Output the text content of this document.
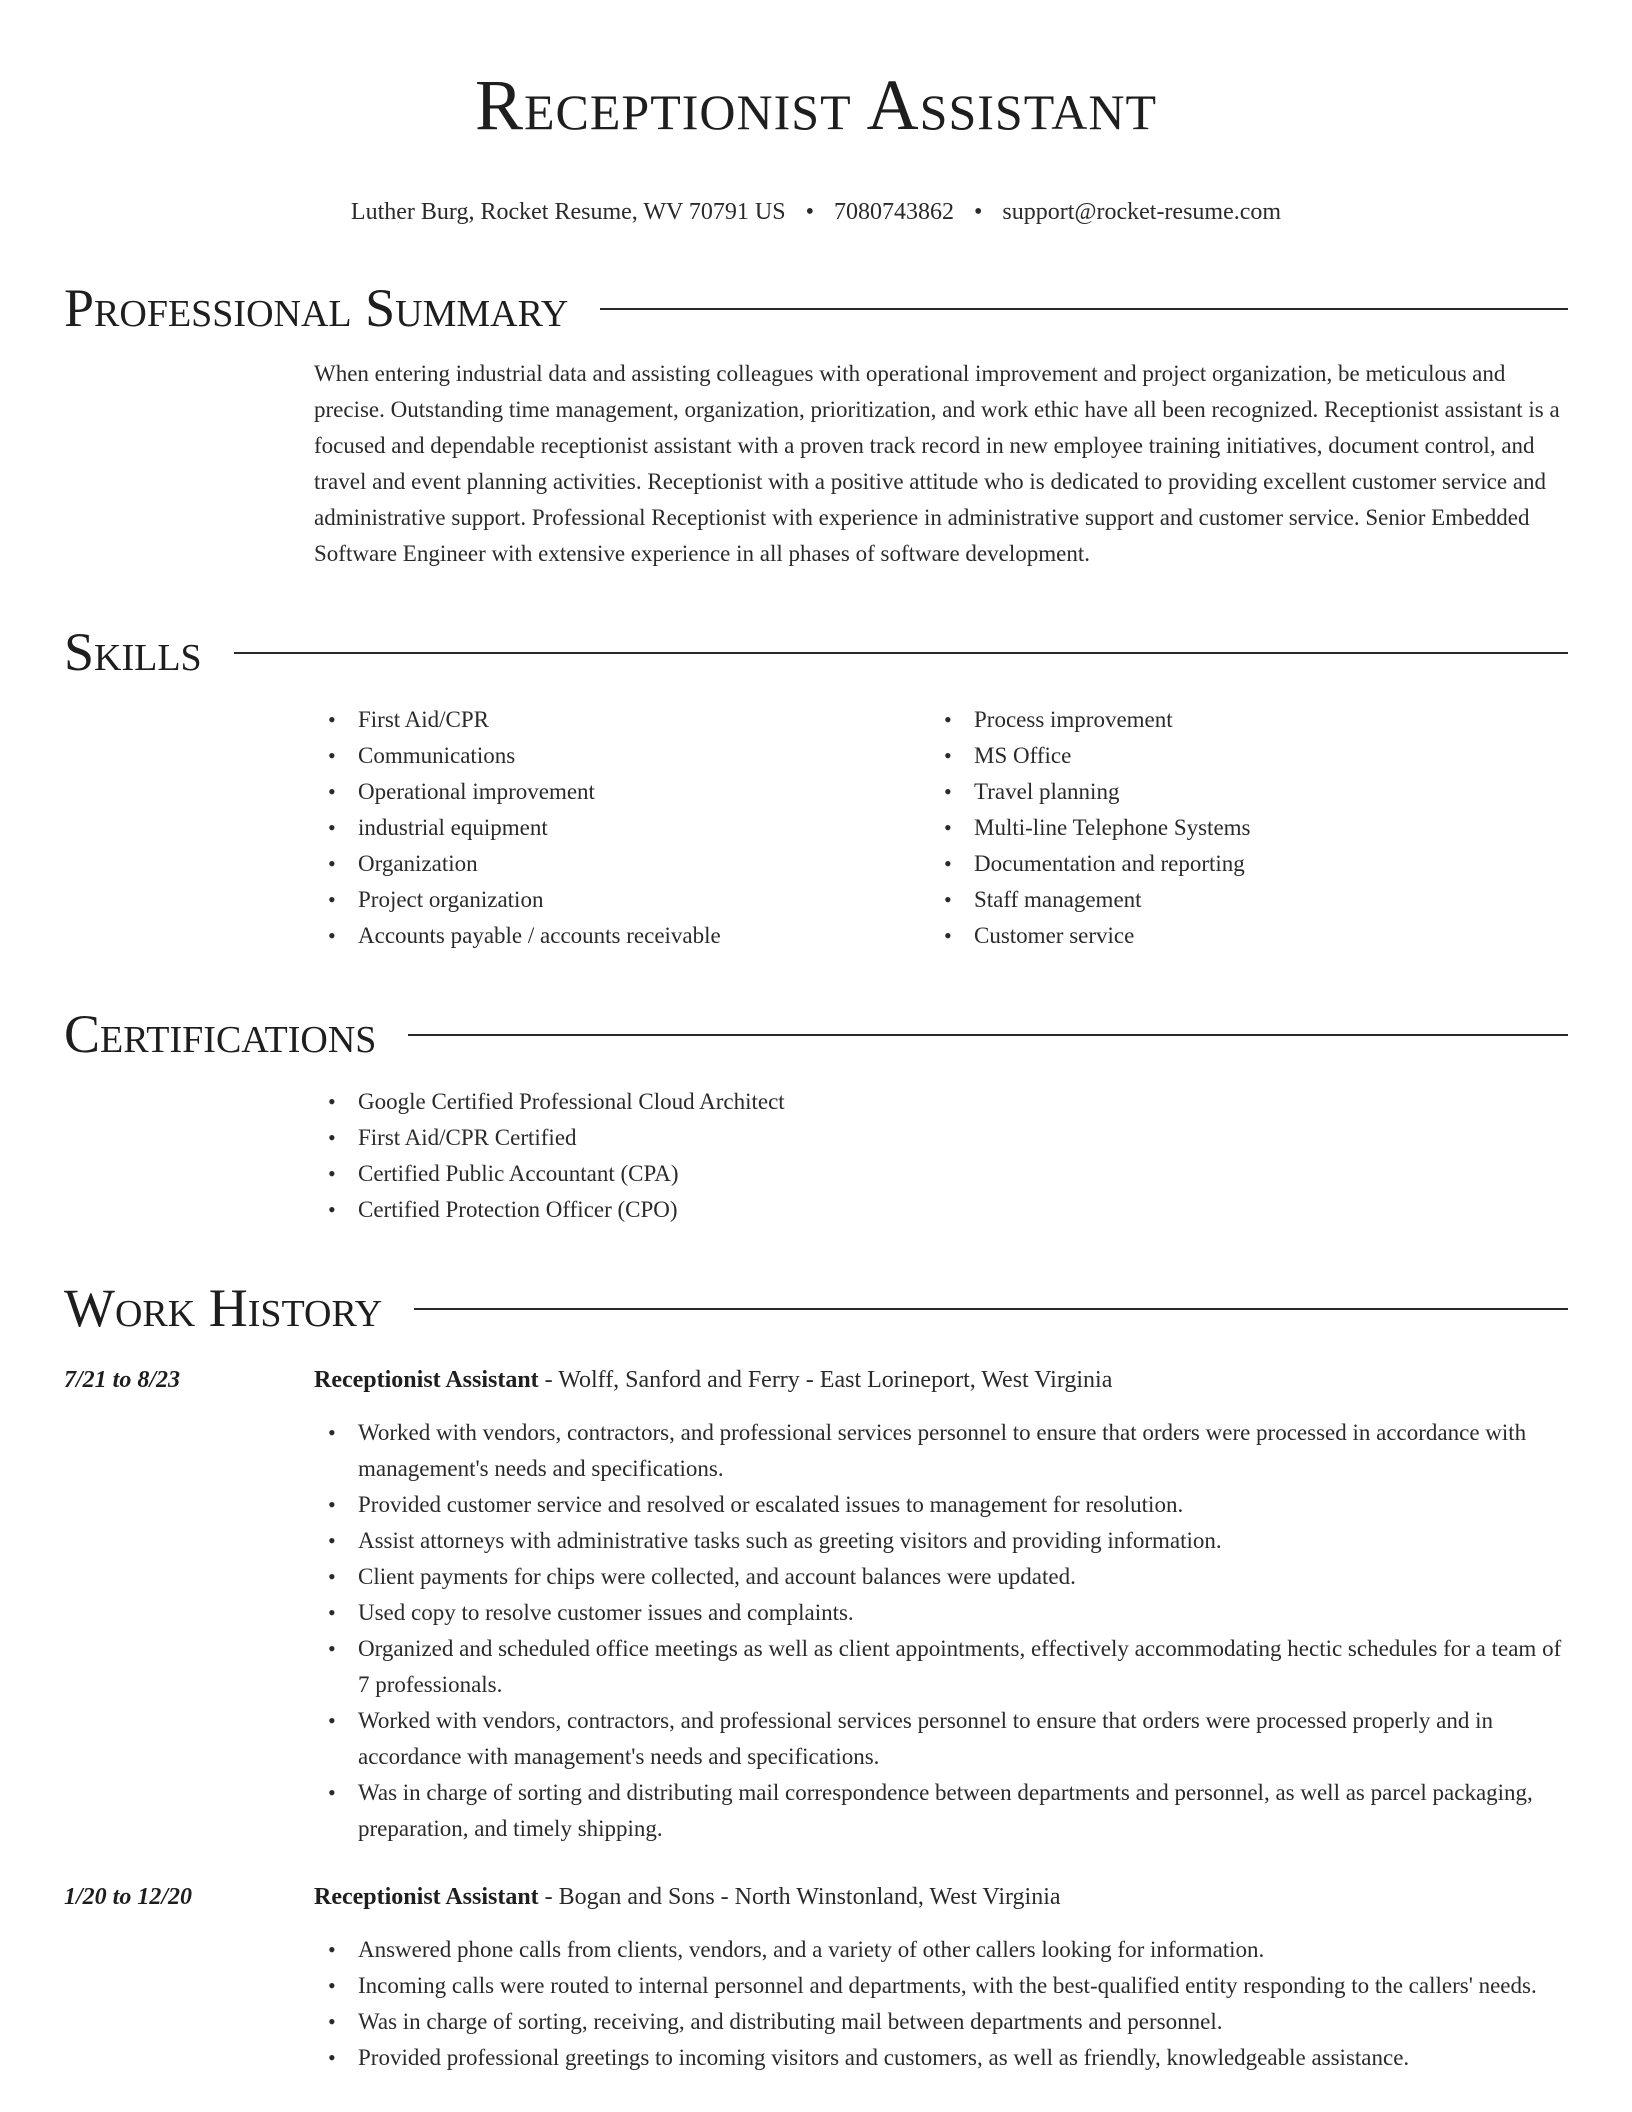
Receptionist Assistant
Luther Burg, Rocket Resume, WV 70791 US • 7080743862 • support@rocket-resume.com
Professional Summary
When entering industrial data and assisting colleagues with operational improvement and project organization, be meticulous and precise. Outstanding time management, organization, prioritization, and work ethic have all been recognized. Receptionist assistant is a focused and dependable receptionist assistant with a proven track record in new employee training initiatives, document control, and travel and event planning activities. Receptionist with a positive attitude who is dedicated to providing excellent customer service and administrative support. Professional Receptionist with experience in administrative support and customer service. Senior Embedded Software Engineer with extensive experience in all phases of software development.
Skills
• First Aid/CPR
• Communications
• Operational improvement
• industrial equipment
• Organization
• Project organization
• Accounts payable / accounts receivable
• Process improvement
• MS Office
• Travel planning
• Multi-line Telephone Systems
• Documentation and reporting
• Staff management
• Customer service
Certifications
• Google Certified Professional Cloud Architect
• First Aid/CPR Certified
• Certified Public Accountant (CPA)
• Certified Protection Officer (CPO)
Work History
7/21 to 8/23	Receptionist Assistant - Wolff, Sanford and Ferry - East Lorineport, West Virginia
• Worked with vendors, contractors, and professional services personnel to ensure that orders were processed in accordance with management's needs and specifications.
• Provided customer service and resolved or escalated issues to management for resolution.
• Assist attorneys with administrative tasks such as greeting visitors and providing information.
• Client payments for chips were collected, and account balances were updated.
• Used copy to resolve customer issues and complaints.
• Organized and scheduled office meetings as well as client appointments, effectively accommodating hectic schedules for a team of 7 professionals.
• Worked with vendors, contractors, and professional services personnel to ensure that orders were processed properly and in accordance with management's needs and specifications.
• Was in charge of sorting and distributing mail correspondence between departments and personnel, as well as parcel packaging, preparation, and timely shipping.
1/20 to 12/20	Receptionist Assistant - Bogan and Sons - North Winstonland, West Virginia
• Answered phone calls from clients, vendors, and a variety of other callers looking for information.
• Incoming calls were routed to internal personnel and departments, with the best-qualified entity responding to the callers' needs.
• Was in charge of sorting, receiving, and distributing mail between departments and personnel.
• Provided professional greetings to incoming visitors and customers, as well as friendly, knowledgeable assistance.
